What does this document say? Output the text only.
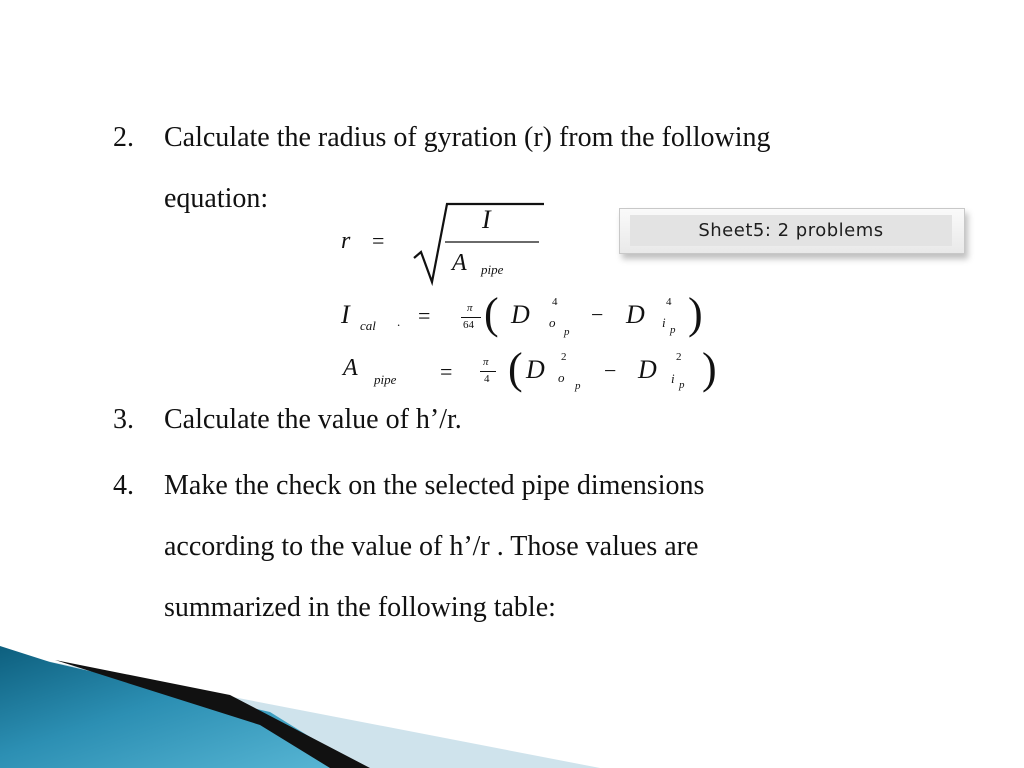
2. Calculate the radius of gyration (r) from the following
equation:
r =
I
A pipe
I cal . =	π
64 ( D 4
o
p
− D 4
i p )
A pipe =	π
4 ( D 2
o
p
− D 2
i p )
Sheet5: 2 problems
3. Calculate the value of h’/r.
4. Make the check on the selected pipe dimensions
according to the value of h’/r . Those values are
summarized in the following table:
